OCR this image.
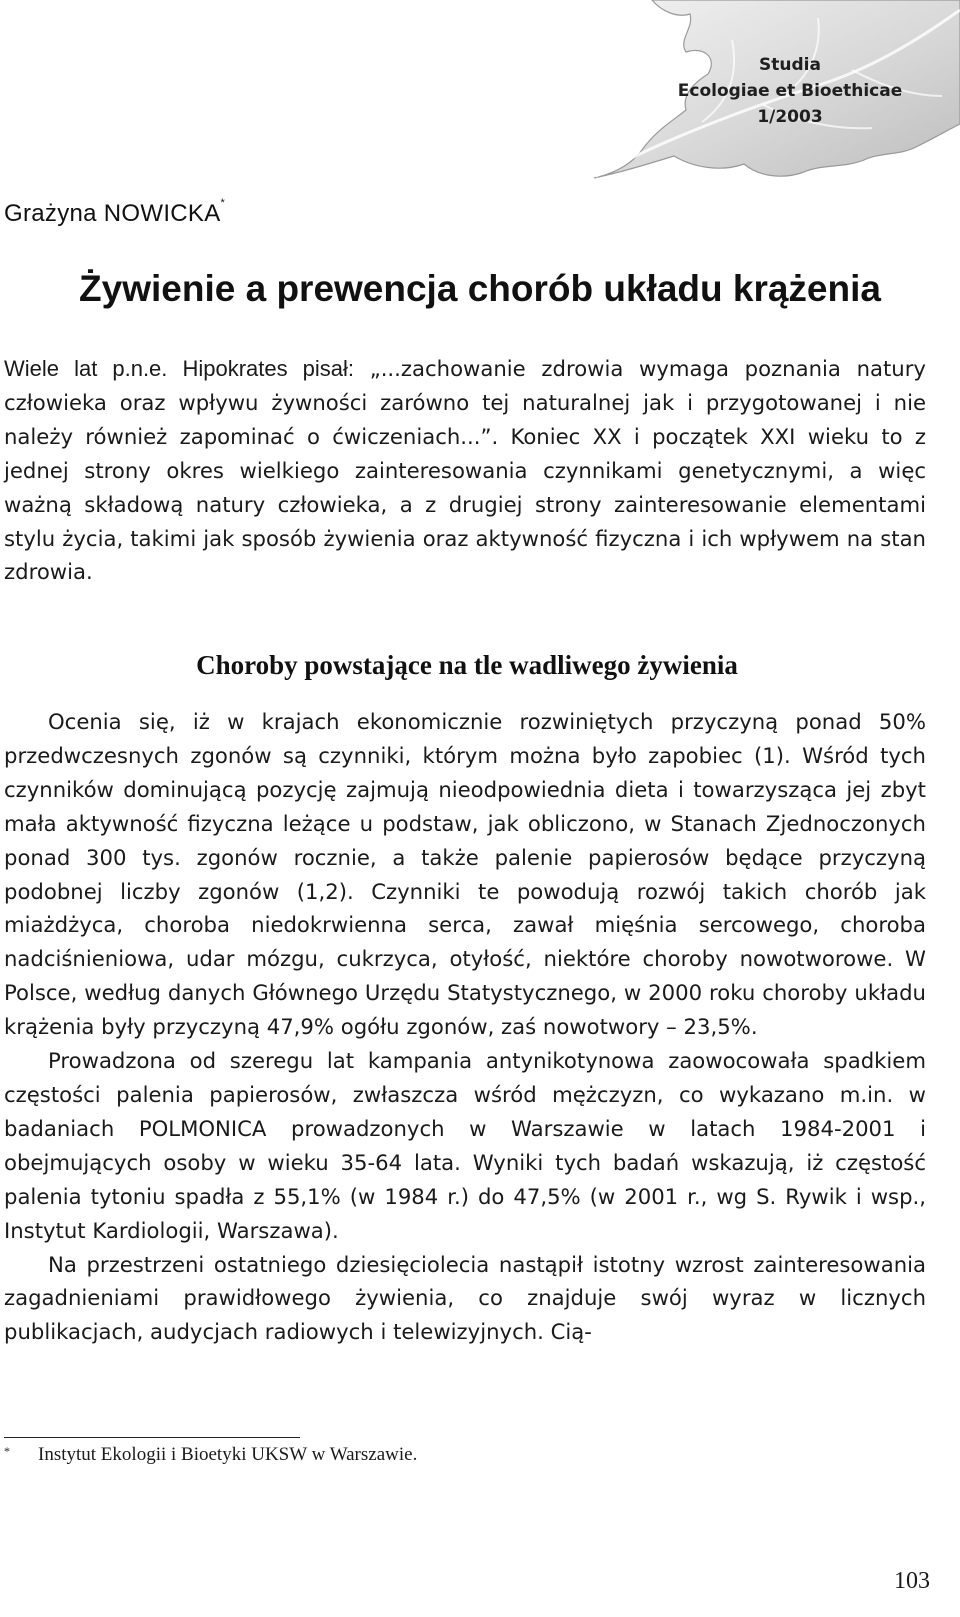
Studia
Ecologiae et Bioethicae
1/2003
Grażyna NOWICKA*
Żywienie a prewencja chorób układu krążenia

Wiele lat p.n.e. Hipokrates pisał: „...zachowanie zdrowia wymaga poznania natury człowieka oraz wpływu żywności zarówno tej naturalnej jak i przygotowanej i nie należy również zapominać o ćwiczeniach...”. Koniec XX i początek XXI wieku to z jednej strony okres wielkiego zainteresowania czynnikami genetycznymi, a więc ważną składową natury człowieka, a z drugiej strony zainteresowanie elementami stylu życia, takimi jak sposób żywienia oraz aktywność fizyczna i ich wpływem na stan zdrowia.

Choroby powstające na tle wadliwego żywienia

Ocenia się, iż w krajach ekonomicznie rozwiniętych przyczyną ponad 50% przedwczesnych zgonów są czynniki, którym można było zapobiec (1). Wśród tych czynników dominującą pozycję zajmują nieodpowiednia dieta i towarzysząca jej zbyt mała aktywność fizyczna leżące u podstaw, jak obliczono, w Stanach Zjednoczonych ponad 300 tys. zgonów rocznie, a także palenie papierosów będące przyczyną podobnej liczby zgonów (1,2). Czynniki te powodują rozwój takich chorób jak miażdżyca, choroba niedokrwienna serca, zawał mięśnia sercowego, choroba nadciśnieniowa, udar mózgu, cukrzyca, otyłość, niektóre choroby nowotworowe. W Polsce, według danych Głównego Urzędu Statystycznego, w 2000 roku choroby układu krążenia były przyczyną 47,9% ogółu zgonów, zaś nowotwory – 23,5%.

Prowadzona od szeregu lat kampania antynikotynowa zaowocowała spadkiem częstości palenia papierosów, zwłaszcza wśród mężczyzn, co wykazano m.in. w badaniach POLMONICA prowadzonych w Warszawie w latach 1984-2001 i obejmujących osoby w wieku 35-64 lata. Wyniki tych badań wskazują, iż częstość palenia tytoniu spadła z 55,1% (w 1984 r.) do 47,5% (w 2001 r., wg S. Rywik i wsp., Instytut Kardiologii, Warszawa).

Na przestrzeni ostatniego dziesięciolecia nastąpił istotny wzrost zainteresowania zagadnieniami prawidłowego żywienia, co znajduje swój wyraz w licznych publikacjach, audycjach radiowych i telewizyjnych. Cią-

* Instytut Ekologii i Bioetyki UKSW w Warszawie.
103
